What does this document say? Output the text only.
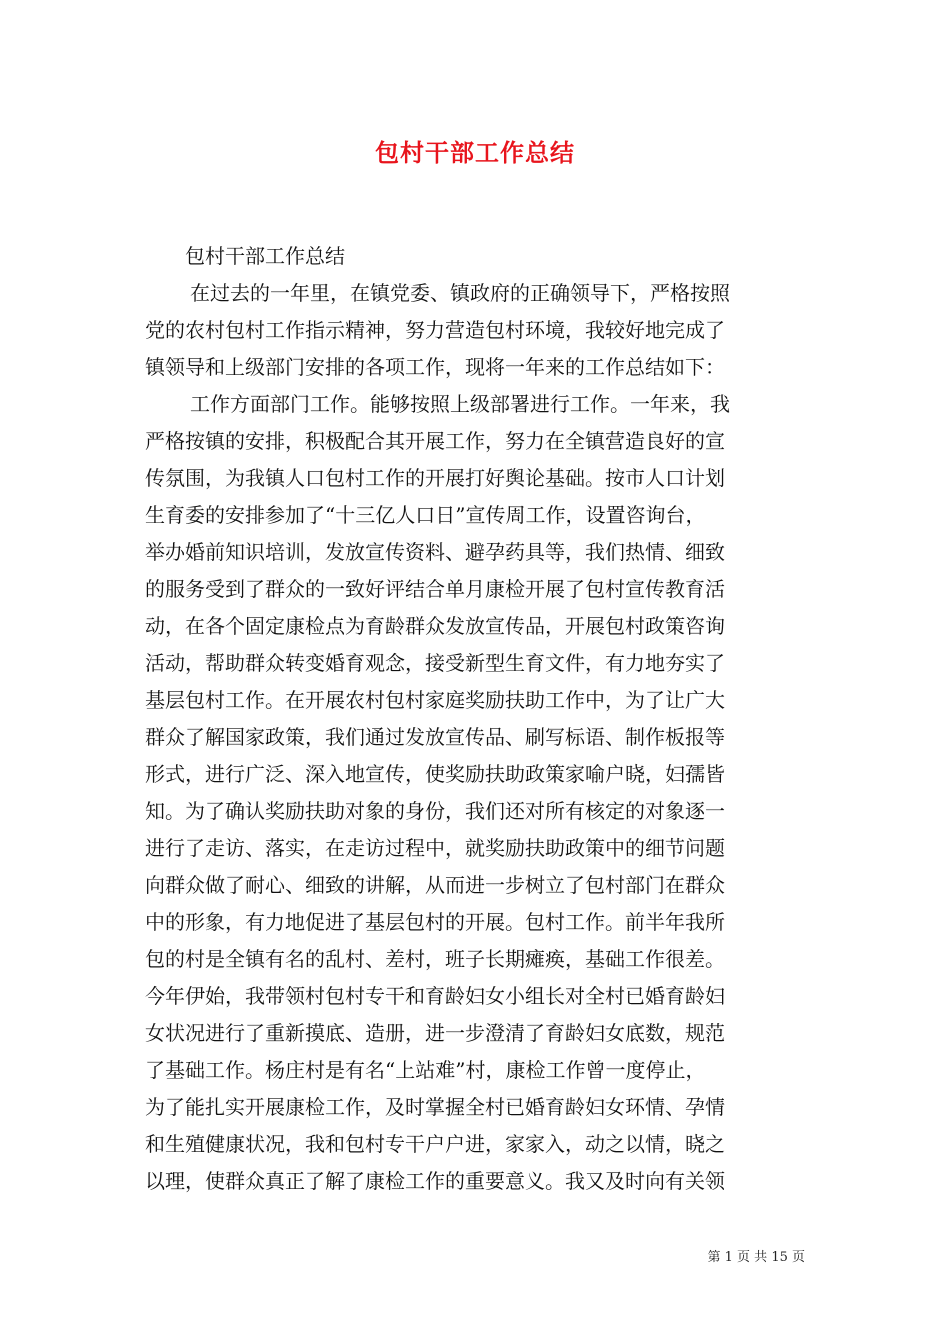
包村干部工作总结
包村干部工作总结
在过去的一年里，在镇党委、镇政府的正确领导下，严格按照
党的农村包村工作指示精神，努力营造包村环境，我较好地完成了
镇领导和上级部门安排的各项工作，现将一年来的工作总结如下：
工作方面部门工作。能够按照上级部署进行工作。一年来，我
严格按镇的安排，积极配合其开展工作，努力在全镇营造良好的宣
传氛围，为我镇人口包村工作的开展打好舆论基础。按市人口计划
生育委的安排参加了“十三亿人口日”宣传周工作，设置咨询台，
举办婚前知识培训，发放宣传资料、避孕药具等，我们热情、细致
的服务受到了群众的一致好评结合单月康检开展了包村宣传教育活
动，在各个固定康检点为育龄群众发放宣传品，开展包村政策咨询
活动，帮助群众转变婚育观念，接受新型生育文件，有力地夯实了
基层包村工作。在开展农村包村家庭奖励扶助工作中，为了让广大
群众了解国家政策，我们通过发放宣传品、刷写标语、制作板报等
形式，进行广泛、深入地宣传，使奖励扶助政策家喻户晓，妇孺皆
知。为了确认奖励扶助对象的身份，我们还对所有核定的对象逐一
进行了走访、落实，在走访过程中，就奖励扶助政策中的细节问题
向群众做了耐心、细致的讲解，从而进一步树立了包村部门在群众
中的形象，有力地促进了基层包村的开展。包村工作。前半年我所
包的村是全镇有名的乱村、差村，班子长期瘫痪，基础工作很差。
今年伊始，我带领村包村专干和育龄妇女小组长对全村已婚育龄妇
女状况进行了重新摸底、造册，进一步澄清了育龄妇女底数，规范
了基础工作。杨庄村是有名“上站难”村，康检工作曾一度停止，
为了能扎实开展康检工作，及时掌握全村已婚育龄妇女环情、孕情
和生殖健康状况，我和包村专干户户进，家家入，动之以情，晓之
以理，使群众真正了解了康检工作的重要意义。我又及时向有关领
第 1 页 共 15 页
